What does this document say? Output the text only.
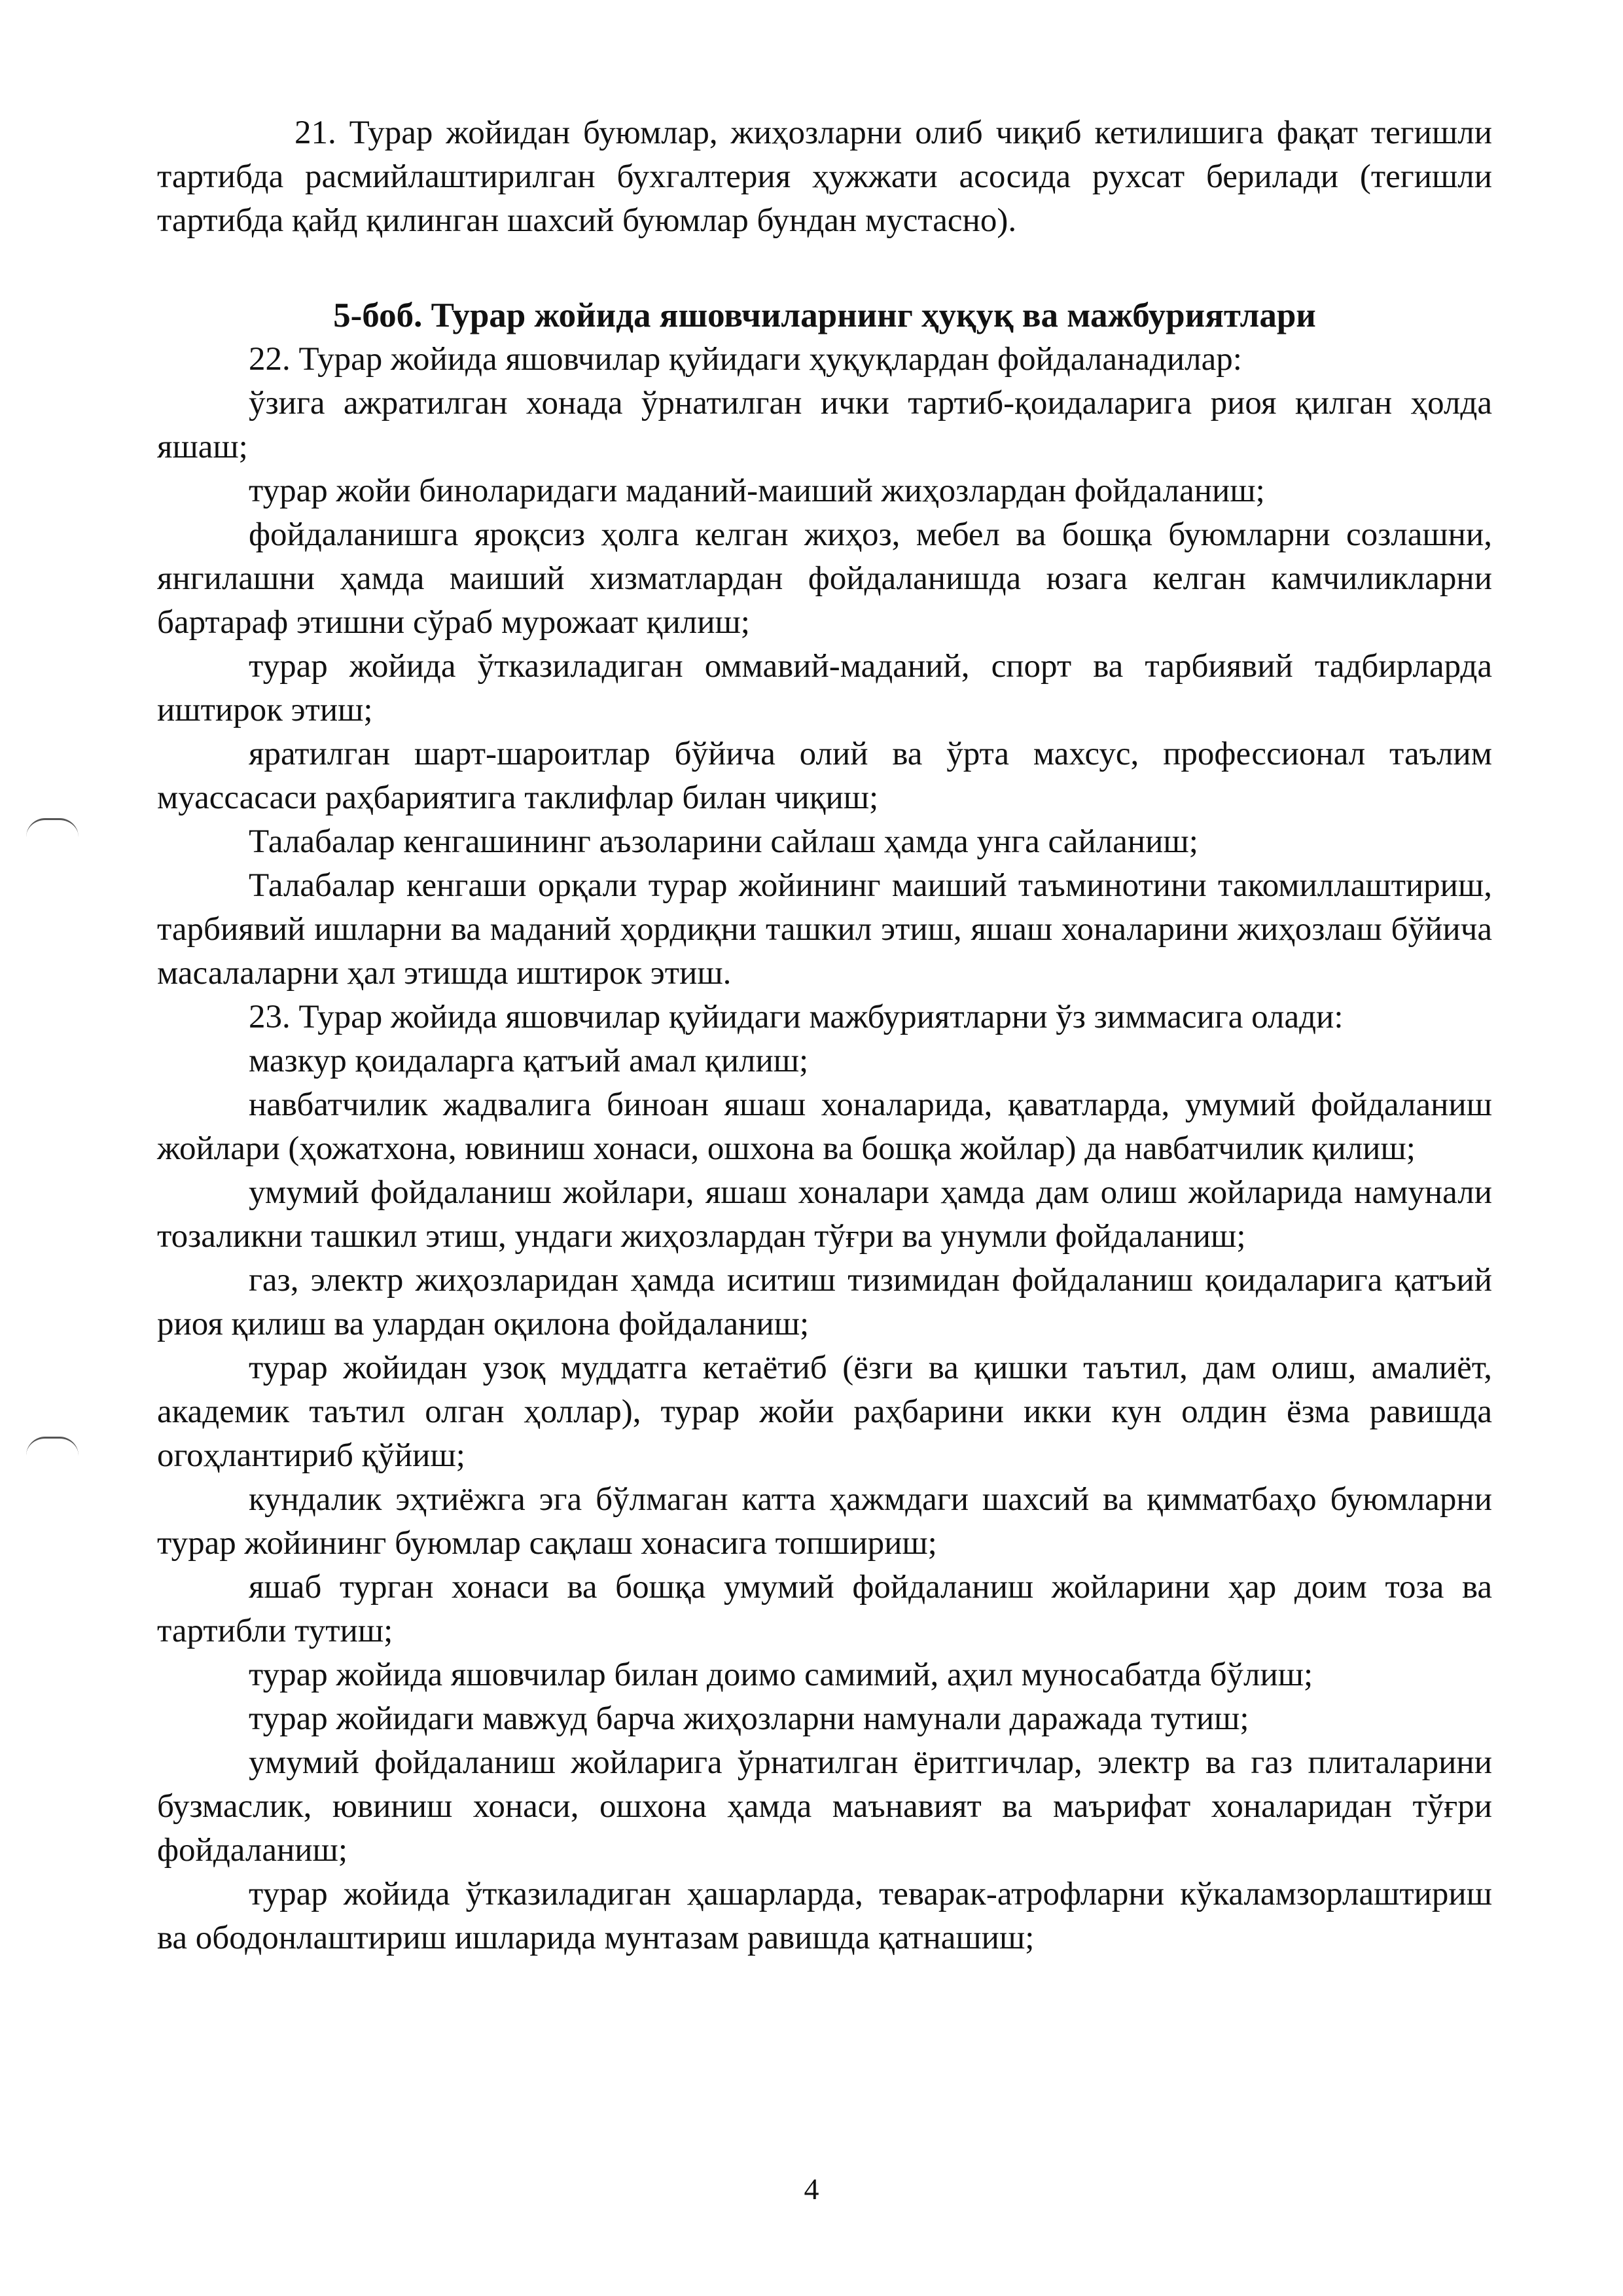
21. Турар жойидан буюмлар, жиҳозларни олиб чиқиб кетилишига фақат тегишли тартибда расмийлаштирилган бухгалтерия ҳужжати асосида рухсат берилади (тегишли тартибда қайд қилинган шахсий буюмлар бундан мустасно).

5-боб. Турар жойида яшовчиларнинг ҳуқуқ ва мажбуриятлари

22. Турар жойида яшовчилар қуйидаги ҳуқуқлардан фойдаланадилар:

ўзига ажратилган хонада ўрнатилган ички тартиб-қоидаларига риоя қилган ҳолда яшаш;

турар жойи биноларидаги маданий-маиший жиҳозлардан фойдаланиш;

фойдаланишга яроқсиз ҳолга келган жиҳоз, мебел ва бошқа буюмларни созлашни, янгилашни ҳамда маиший хизматлардан фойдаланишда юзага келган камчиликларни бартараф этишни сўраб мурожаат қилиш;

турар жойида ўтказиладиган оммавий-маданий, спорт ва тарбиявий тадбирларда иштирок этиш;

яратилган шарт-шароитлар бўйича олий ва ўрта махсус, профессионал таълим муассасаси раҳбариятига таклифлар билан чиқиш;

Талабалар кенгашининг аъзоларини сайлаш ҳамда унга сайланиш;

Талабалар кенгаши орқали турар жойининг маиший таъминотини такомиллаштириш, тарбиявий ишларни ва маданий ҳордиқни ташкил этиш, яшаш хоналарини жиҳозлаш бўйича масалаларни ҳал этишда иштирок этиш.

23. Турар жойида яшовчилар қуйидаги мажбуриятларни ўз зиммасига олади:

мазкур қоидаларга қатъий амал қилиш;

навбатчилик жадвалига биноан яшаш хоналарида, қаватларда, умумий фойдаланиш жойлари (ҳожатхона, ювиниш хонаси, ошхона ва бошқа жойлар) да навбатчилик қилиш;

умумий фойдаланиш жойлари, яшаш хоналари ҳамда дам олиш жойларида намунали тозаликни ташкил этиш, ундаги жиҳозлардан тўғри ва унумли фойдаланиш;

газ, электр жиҳозларидан ҳамда иситиш тизимидан фойдаланиш қоидаларига қатъий риоя қилиш ва улардан оқилона фойдаланиш;

турар жойидан узоқ муддатга кетаётиб (ёзги ва қишки таътил, дам олиш, амалиёт, академик таътил олган ҳоллар), турар жойи раҳбарини икки кун олдин ёзма равишда огоҳлантириб қўйиш;

кундалик эҳтиёжга эга бўлмаган катта ҳажмдаги шахсий ва қимматбаҳо буюмларни турар жойининг буюмлар сақлаш хонасига топшириш;

яшаб турган хонаси ва бошқа умумий фойдаланиш жойларини ҳар доим тоза ва тартибли тутиш;

турар жойида яшовчилар билан доимо самимий, аҳил муносабатда бўлиш;

турар жойидаги мавжуд барча жиҳозларни намунали даражада тутиш;

умумий фойдаланиш жойларига ўрнатилган ёритгичлар, электр ва газ плиталарини бузмаслик, ювиниш хонаси, ошхона ҳамда маънавият ва маърифат хоналаридан тўғри фойдаланиш;

турар жойида ўтказиладиган ҳашарларда, теварак-атрофларни кўкаламзорлаштириш ва ободонлаштириш ишларида мунтазам равишда қатнашиш;

4
